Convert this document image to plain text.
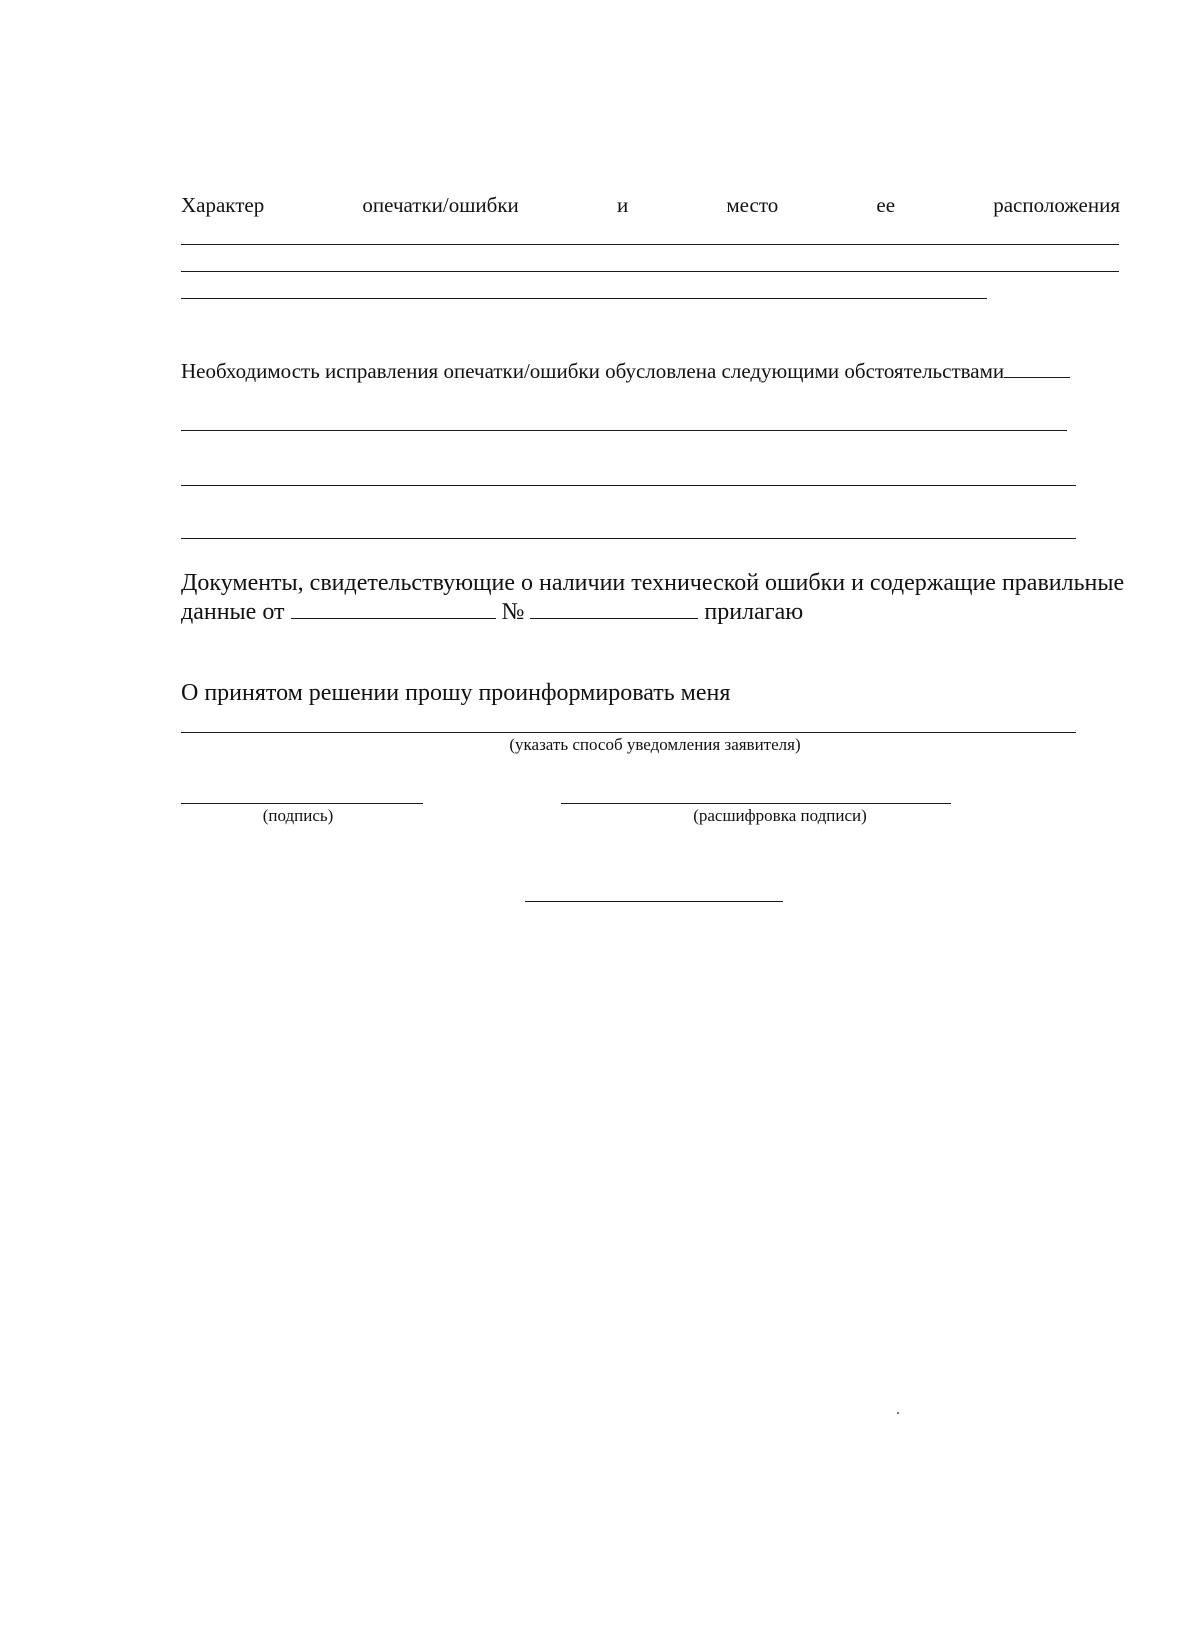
Характер	опечатки/ошибки	и	место	ее	расположения
Необходимость исправления опечатки/ошибки обусловлена следующими обстоятельствами
Документы, свидетельствующие о наличии технической ошибки и содержащие правильные
данные от	№	прилагаю
О принятом решении прошу проинформировать меня
(указать способ уведомления заявителя)
(подпись)	(расшифровка подписи)
